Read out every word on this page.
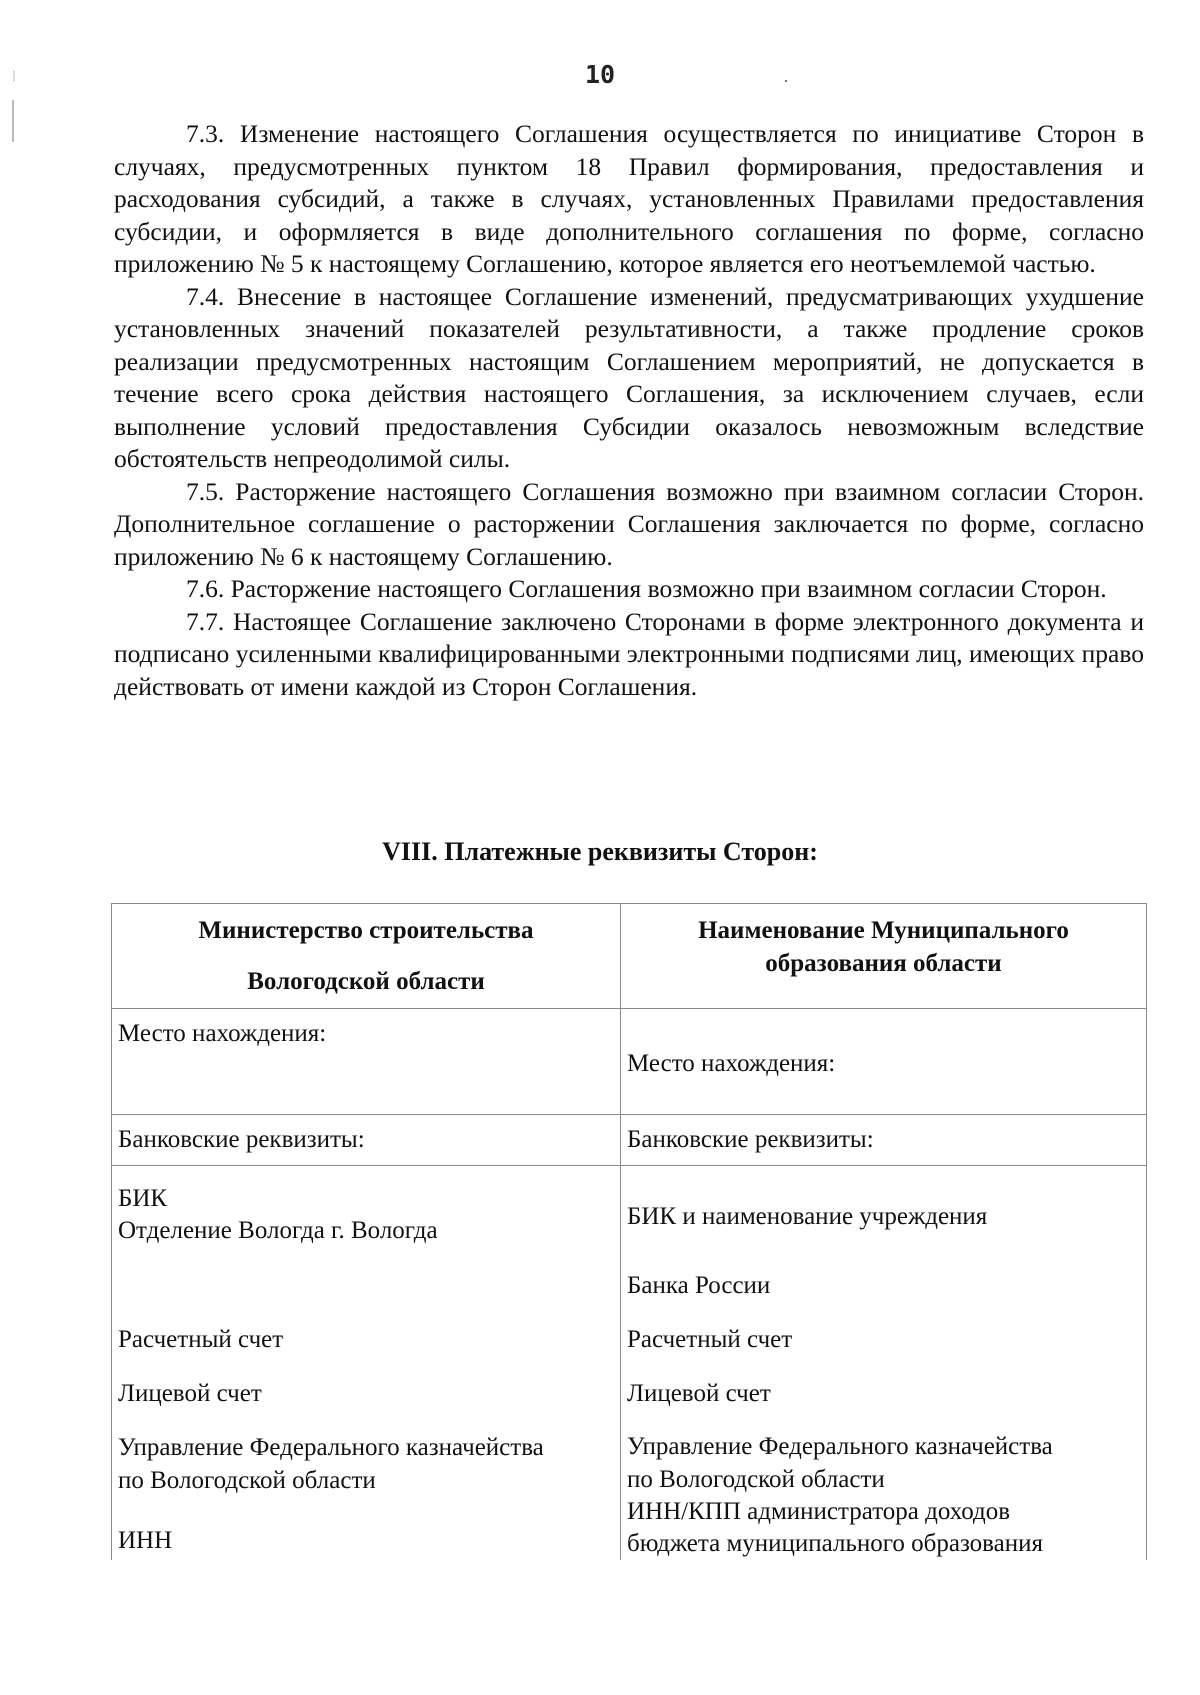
10

7.3. Изменение настоящего Соглашения осуществляется по инициативе Сторон в случаях, предусмотренных пунктом 18 Правил формирования, предоставления и расходования субсидий, а также в случаях, установленных Правилами предоставления субсидии, и оформляется в виде дополнительного соглашения по форме, согласно приложению № 5 к настоящему Соглашению, которое является его неотъемлемой частью.

7.4. Внесение в настоящее Соглашение изменений, предусматривающих ухудшение установленных значений показателей результативности, а также продление сроков реализации предусмотренных настоящим Соглашением мероприятий, не допускается в течение всего срока действия настоящего Соглашения, за исключением случаев, если выполнение условий предоставления Субсидии оказалось невозможным вследствие обстоятельств непреодолимой силы.

7.5. Расторжение настоящего Соглашения возможно при взаимном согласии Сторон. Дополнительное соглашение о расторжении Соглашения заключается по форме, согласно приложению № 6 к настоящему Соглашению.

7.6. Расторжение настоящего Соглашения возможно при взаимном согласии Сторон.

7.7. Настоящее Соглашение заключено Сторонами в форме электронного документа и подписано усиленными квалифицированными электронными подписями лиц, имеющих право действовать от имени каждой из Сторон Соглашения.

VIII. Платежные реквизиты Сторон:
Министерство строительства
Вологодской области
Наименование Муниципального
образования области
Место нахождения:
Место нахождения:
Банковские реквизиты:	Банковские реквизиты:
БИК
Отделение Вологда г. Вологда
Расчетный счет
Лицевой счет
Управление Федерального казначейства
по Вологодской области
ИНН
БИК и наименование учреждения
Банка России
Расчетный счет
Лицевой счет
Управление Федерального казначейства
по Вологодской области
ИНН/КПП администратора доходов
бюджета муниципального образования
